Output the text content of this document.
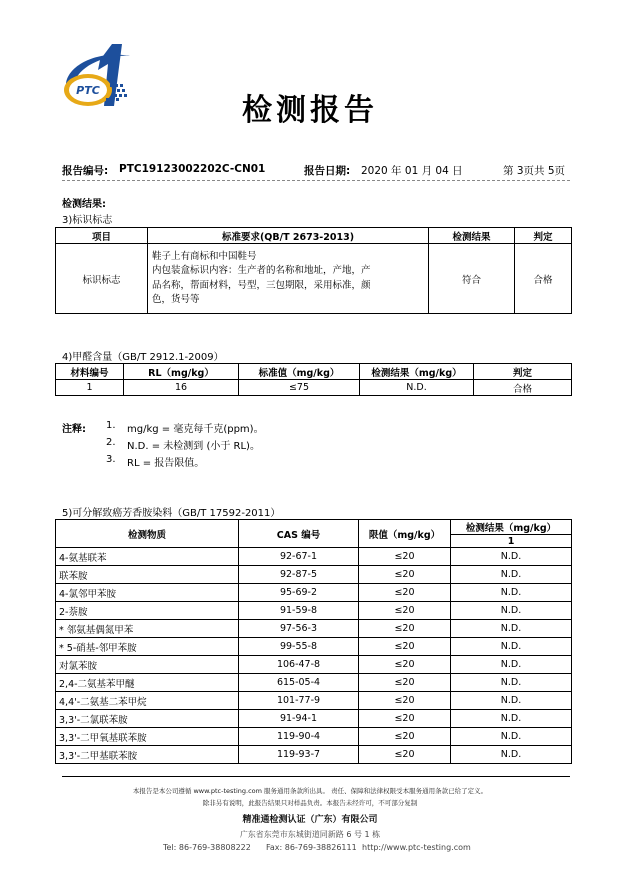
PTC
检测报告
报告编号: PTC19123002202C-CN01	报告日期: 2020 年 01 月 04 日	第 3页共 5页
检测结果:
3)标识标志
项目	标准要求(QB/T 2673-2013)	检测结果	判定
标识标志	鞋子上有商标和中国鞋号
内包装盒标识内容：生产者的名称和地址，产地，产
品名称，帮面材料，号型，三包期限，采用标准，颜
色，货号等	符合	合格
4)甲醛含量（GB/T 2912.1-2009）
材料编号	RL（mg/kg）	标准值（mg/kg）	检测结果（mg/kg）	判定
1	16	≤75	N.D.	合格
注释: 1. mg/kg = 毫克每千克(ppm)。
2. N.D. = 未检测到 (小于 RL)。
3. RL = 报告限值。
5)可分解致癌芳香胺染料（GB/T 17592-2011）
检测物质	CAS 编号	限值（mg/kg）	检测结果（mg/kg）
			1
4-氨基联苯	92-67-1	≤20	N.D.
联苯胺	92-87-5	≤20	N.D.
4-氯邻甲苯胺	95-69-2	≤20	N.D.
2-萘胺	91-59-8	≤20	N.D.
* 邻氨基偶氮甲苯	97-56-3	≤20	N.D.
* 5-硝基-邻甲苯胺	99-55-8	≤20	N.D.
对氯苯胺	106-47-8	≤20	N.D.
2,4-二氨基苯甲醚	615-05-4	≤20	N.D.
4,4'-二氨基二苯甲烷	101-77-9	≤20	N.D.
3,3'-二氯联苯胺	91-94-1	≤20	N.D.
3,3'-二甲氧基联苯胺	119-90-4	≤20	N.D.
3,3'-二甲基联苯胺	119-93-7	≤20	N.D.
本报告是本公司遵循 www.ptc-testing.com 服务通用条款所出具。 责任、保障和法律权限受本服务通用条款已给了定义。
除非另有说明，此报告结果只对样品负责。本报告未经许可，不可部分复制
精准通检测认证（广东）有限公司
广东省东莞市东城街道同新路 6 号 1 栋
Tel: 86-769-38808222 Fax: 86-769-38826111 http://www.ptc-testing.com
